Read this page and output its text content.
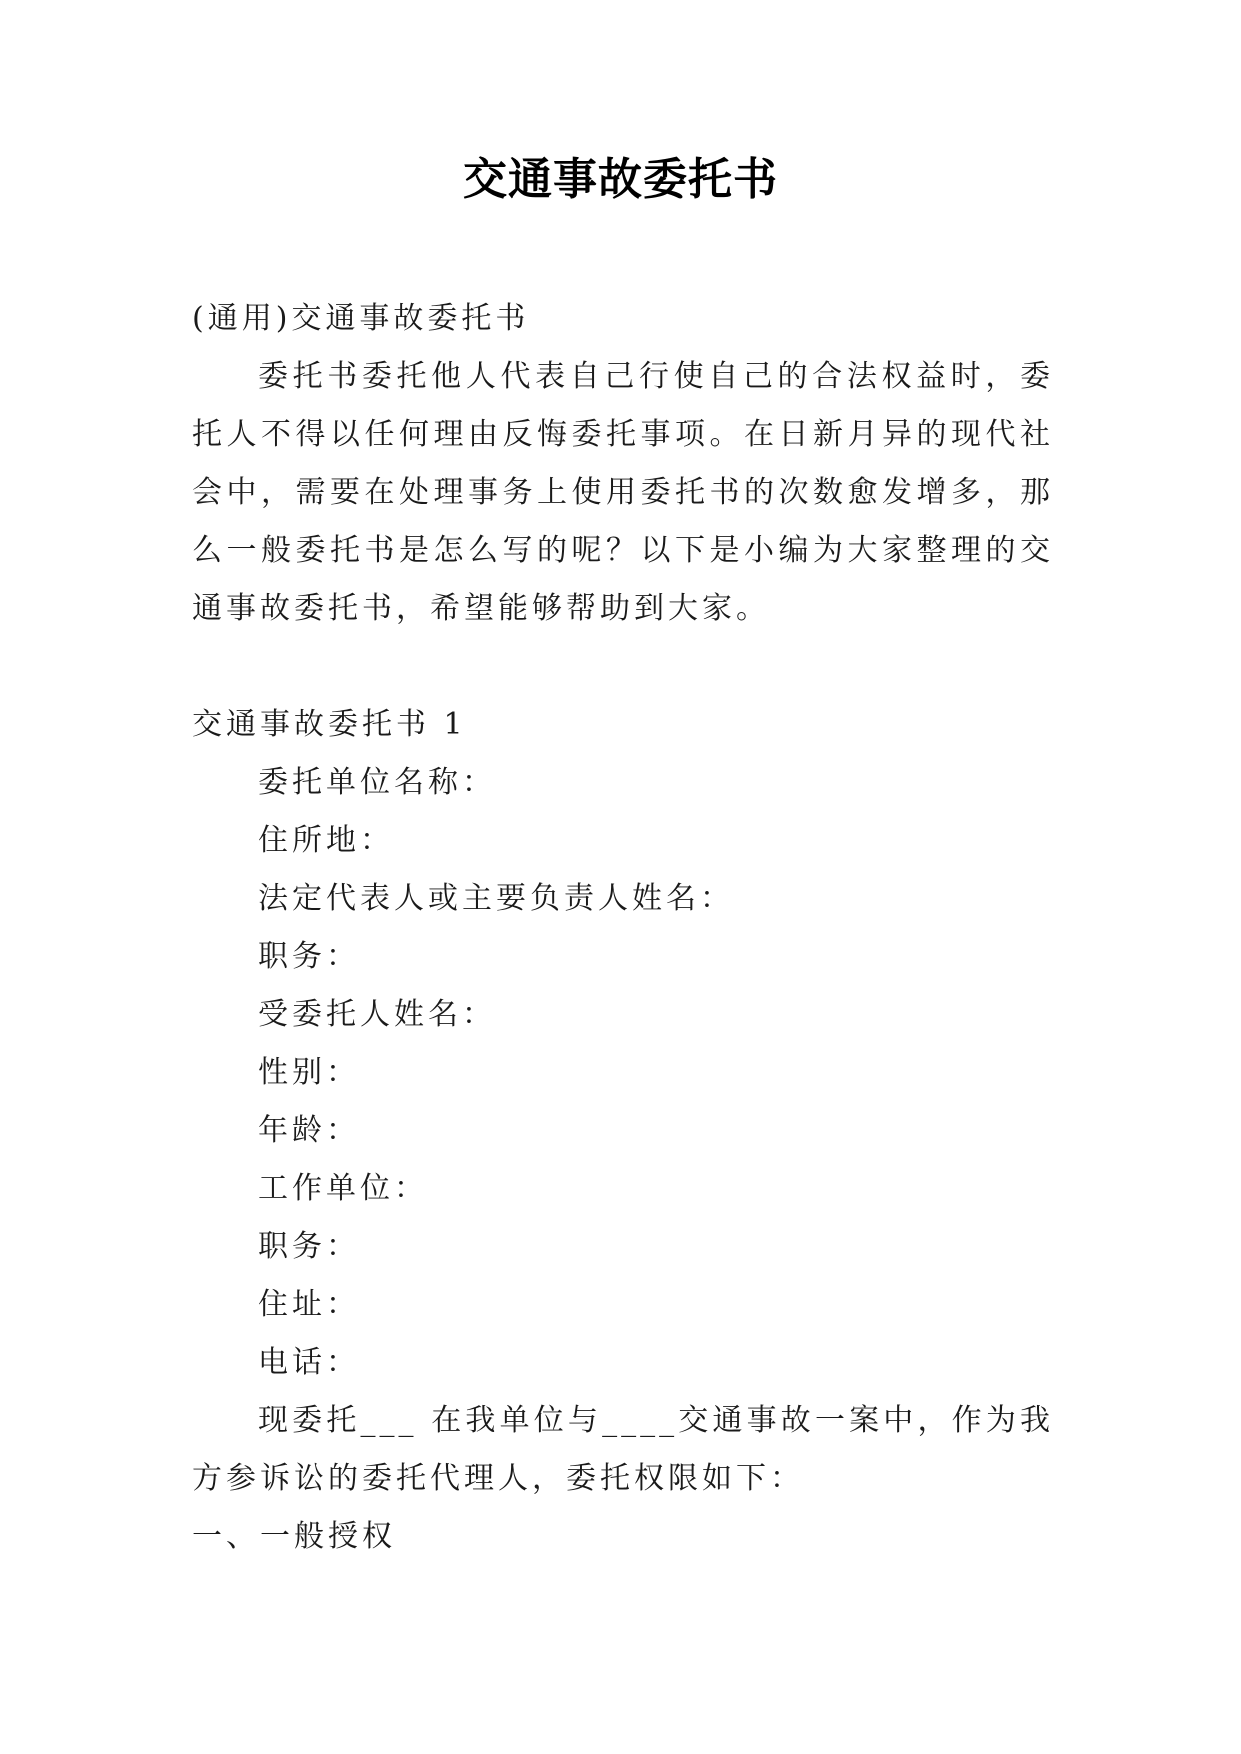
交通事故委托书

(通用)交通事故委托书

委托书委托他人代表自己行使自己的合法权益时，委托人不得以任何理由反悔委托事项。在日新月异的现代社会中，需要在处理事务上使用委托书的次数愈发增多，那么一般委托书是怎么写的呢？以下是小编为大家整理的交通事故委托书，希望能够帮助到大家。

交通事故委托书 1

委托单位名称：

住所地：

法定代表人或主要负责人姓名：

职务：

受委托人姓名：

性别：

年龄：

工作单位：

职务：

住址：

电话：

现委托___ 在我单位与____交通事故一案中，作为我方参诉讼的委托代理人，委托权限如下：

一、一般授权
